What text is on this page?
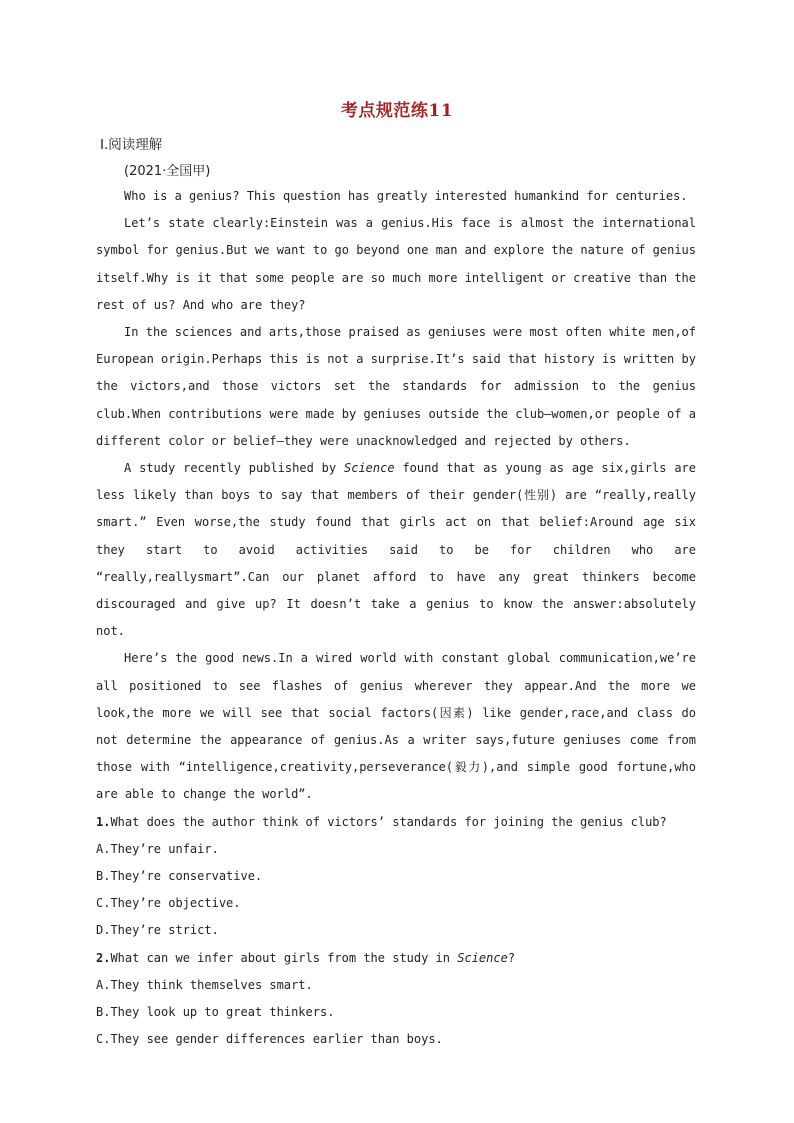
考点规范练11
Ⅰ.阅读理解
(2021·全国甲)

Who is a genius? This question has greatly interested humankind for centuries.

Let’s state clearly:Einstein was a genius.His face is almost the international symbol for genius.But we want to go beyond one man and explore the nature of genius itself.Why is it that some people are so much more intelligent or creative than the rest of us? And who are they?

In the sciences and arts,those praised as geniuses were most often white men,of European origin.Perhaps this is not a surprise.It’s said that history is written by the victors,and those victors set the standards for admission to the genius club.When contributions were made by geniuses outside the club—women,or people of a different color or belief—they were unacknowledged and rejected by others.

A study recently published by Science found that as young as age six,girls are less likely than boys to say that members of their gender(性别) are “really,really smart.” Even worse,the study found that girls act on that belief:Around age six they start to avoid activities said to be for children who are “really,reallysmart”.Can our planet afford to have any great thinkers become discouraged and give up? It doesn’t take a genius to know the answer:absolutely not.

Here’s the good news.In a wired world with constant global communication,we’re all positioned to see flashes of genius wherever they appear.And the more we look,the more we will see that social factors(因素) like gender,race,and class do not determine the appearance of genius.As a writer says,future geniuses come from those with “intelligence,creativity,perseverance(毅力),and simple good fortune,who are able to change the world”.

1.What does the author think of victors’ standards for joining the genius club?

A.They’re unfair.

B.They’re conservative.

C.They’re objective.

D.They’re strict.

2.What can we infer about girls from the study in Science?

A.They think themselves smart.

B.They look up to great thinkers.

C.They see gender differences earlier than boys.
